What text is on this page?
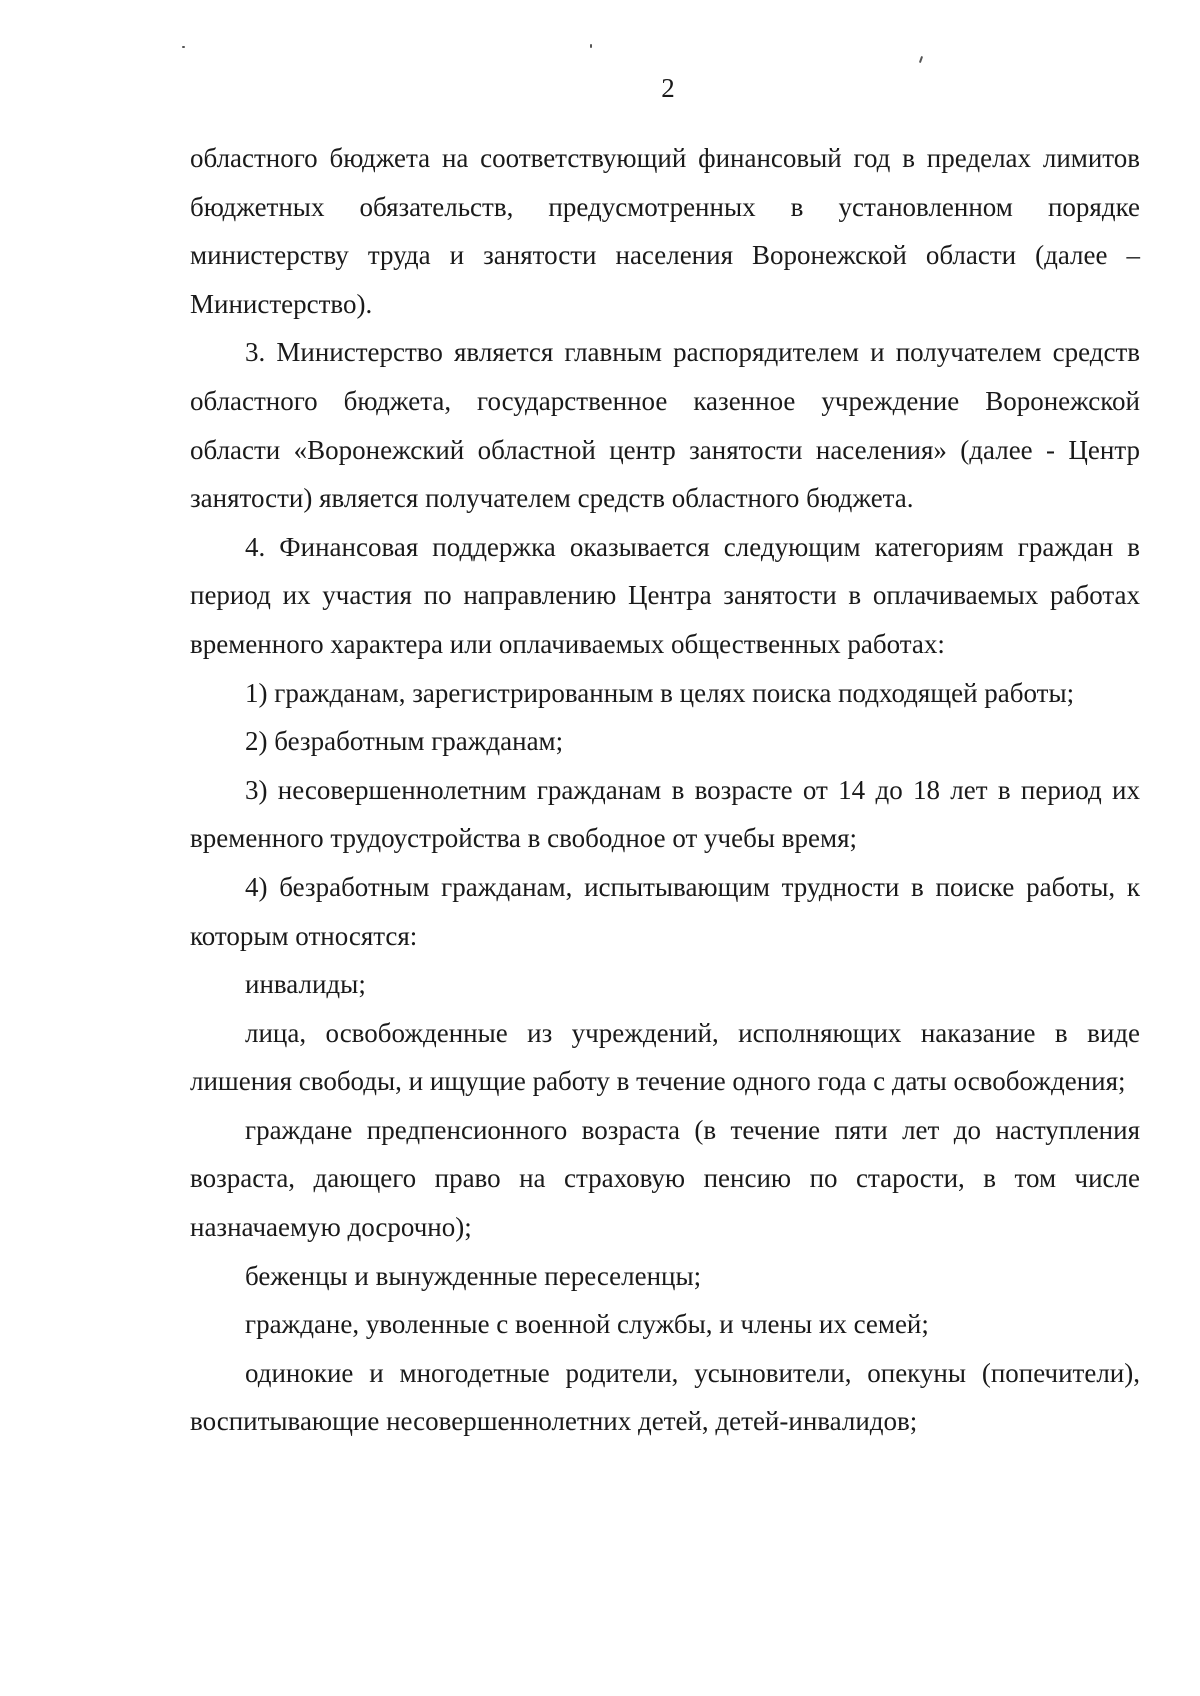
2

областного бюджета на соответствующий финансовый год в пределах лимитов бюджетных обязательств, предусмотренных в установленном порядке министерству труда и занятости населения Воронежской области (далее – Министерство).

3. Министерство является главным распорядителем и получателем средств областного бюджета, государственное казенное учреждение Воронежской области «Воронежский областной центр занятости населения» (далее - Центр занятости) является получателем средств областного бюджета.

4. Финансовая поддержка оказывается следующим категориям граждан в период их участия по направлению Центра занятости в оплачиваемых работах временного характера или оплачиваемых общественных работах:

1) гражданам, зарегистрированным в целях поиска подходящей работы;

2) безработным гражданам;

3) несовершеннолетним гражданам в возрасте от 14 до 18 лет в период их временного трудоустройства в свободное от учебы время;

4) безработным гражданам, испытывающим трудности в поиске работы, к которым относятся:

инвалиды;

лица, освобожденные из учреждений, исполняющих наказание в виде лишения свободы, и ищущие работу в течение одного года с даты освобождения;

граждане предпенсионного возраста (в течение пяти лет до наступления возраста, дающего право на страховую пенсию по старости, в том числе назначаемую досрочно);

беженцы и вынужденные переселенцы;

граждане, уволенные с военной службы, и члены их семей;

одинокие и многодетные родители, усыновители, опекуны (попечители), воспитывающие несовершеннолетних детей, детей-инвалидов;
